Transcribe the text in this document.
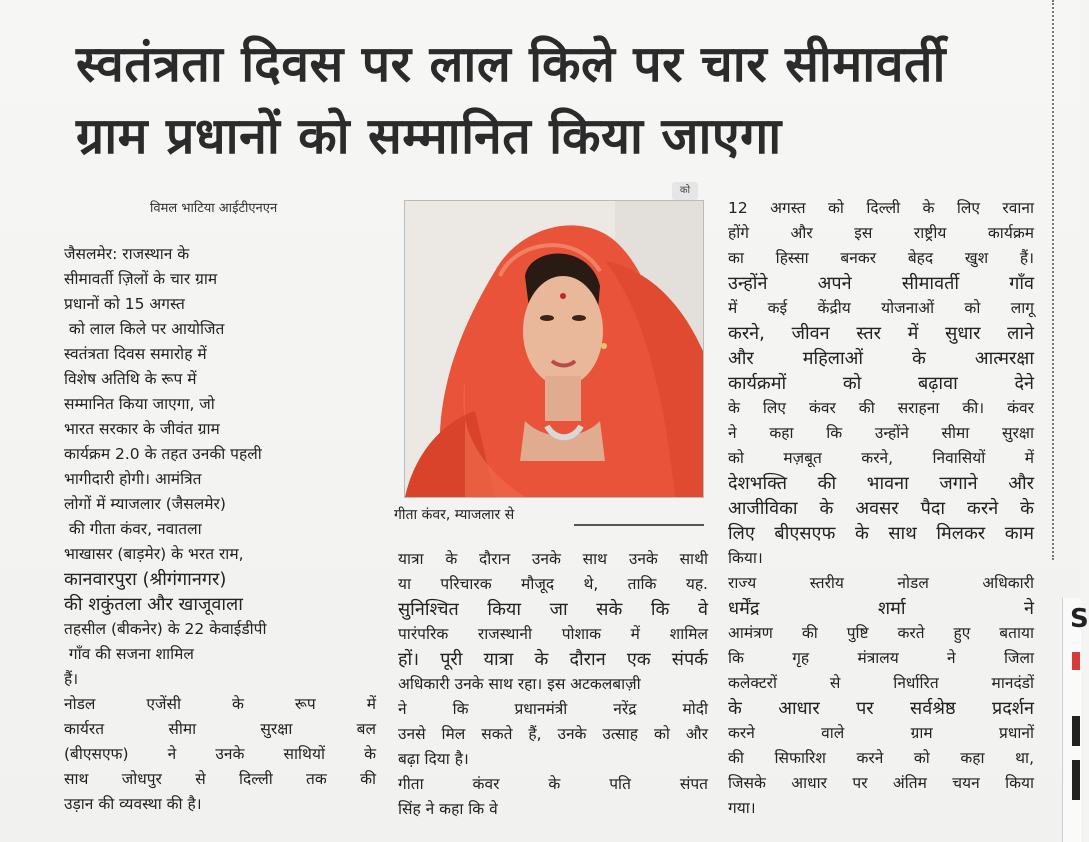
S
स्वतंत्रता दिवस पर लाल किले पर चार सीमावर्ती
ग्राम प्रधानों को सम्मानित किया जाएगा
विमल भाटिया आईटीएनएन
को
गीता कंवर, म्याजलार से
जैसलमेर: राजस्थान के
सीमावर्ती ज़िलों के चार ग्राम
प्रधानों को 15 अगस्त
को लाल किले पर आयोजित
स्वतंत्रता दिवस समारोह में
विशेष अतिथि के रूप में
सम्मानित किया जाएगा, जो
भारत सरकार के जीवंत ग्राम
कार्यक्रम 2.0 के तहत उनकी पहली
भागीदारी होगी। आमंत्रित
लोगों में म्याजलार (जैसलमेर)
की गीता कंवर, नवातला
भाखासर (बाड़मेर) के भरत राम,
कानवारपुरा (श्रीगंगानगर)
की शकुंतला और खाजूवाला
तहसील (बीकनेर) के 22 केवाईडीपी
गाँव की सजना शामिल
हैं।
नोडल एजेंसी के रूप में
कार्यरत सीमा सुरक्षा बल
(बीएसएफ) ने उनके साथियों के
साथ जोधपुर से दिल्ली तक की
उड़ान की व्यवस्था की है।
यात्रा के दौरान उनके साथ उनके साथी
या परिचारक मौजूद थे, ताकि यह.
सुनिश्चित किया जा सके कि वे
पारंपरिक राजस्थानी पोशाक में शामिल
हों। पूरी यात्रा के दौरान एक संपर्क
अधिकारी उनके साथ रहा। इस अटकलबाज़ी
ने कि प्रधानमंत्री नरेंद्र मोदी
उनसे मिल सकते हैं, उनके उत्साह को और
बढ़ा दिया है।
गीता कंवर के पति संपत
सिंह ने कहा कि वे
12 अगस्त को दिल्ली के लिए रवाना
होंगे और इस राष्ट्रीय कार्यक्रम
का हिस्सा बनकर बेहद खुश हैं।
उन्होंने अपने सीमावर्ती गाँव
में कई केंद्रीय योजनाओं को लागू
करने, जीवन स्तर में सुधार लाने
और महिलाओं के आत्मरक्षा
कार्यक्रमों को बढ़ावा देने
के लिए कंवर की सराहना की। कंवर
ने कहा कि उन्होंने सीमा सुरक्षा
को मज़बूत करने, निवासियों में
देशभक्ति की भावना जगाने और
आजीविका के अवसर पैदा करने के
लिए बीएसएफ के साथ मिलकर काम
किया।
राज्य स्तरीय नोडल अधिकारी
धर्मेंद्र शर्मा ने
आमंत्रण की पुष्टि करते हुए बताया
कि गृह मंत्रालय ने जिला
कलेक्टरों से निर्धारित मानदंडों
के आधार पर सर्वश्रेष्ठ प्रदर्शन
करने वाले ग्राम प्रधानों
की सिफारिश करने को कहा था,
जिसके आधार पर अंतिम चयन किया
गया।
